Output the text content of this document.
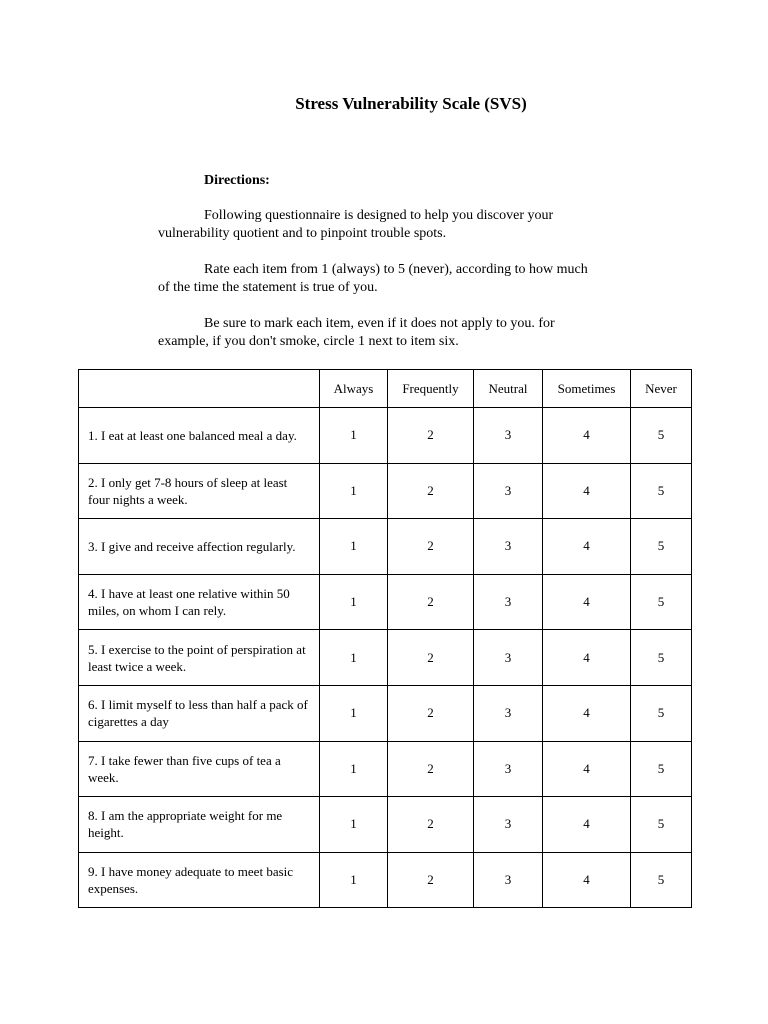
Stress Vulnerability Scale (SVS)
Directions:

Following questionnaire is designed to help you discover your vulnerability quotient and to pinpoint trouble spots.

Rate each item from 1 (always) to 5 (never), according to how much of the time the statement is true of you.

Be sure to mark each item, even if it does not apply to you. for example, if you don't smoke, circle 1 next to item six.

	Always	Frequently	Neutral	Sometimes	Never
1. I eat at least one balanced meal a day.	1	2	3	4	5
2. I only get 7-8 hours of sleep at least four nights a week.	1	2	3	4	5
3. I give and receive affection regularly.	1	2	3	4	5
4. I have at least one relative within 50 miles, on whom I can rely.	1	2	3	4	5
5. I exercise to the point of perspiration at least twice a week.	1	2	3	4	5
6. I limit myself to less than half a pack of cigarettes a day	1	2	3	4	5
7. I take fewer than five cups of tea a week.	1	2	3	4	5
8. I am the appropriate weight for me height.	1	2	3	4	5
9. I have money adequate to meet basic expenses.	1	2	3	4	5
